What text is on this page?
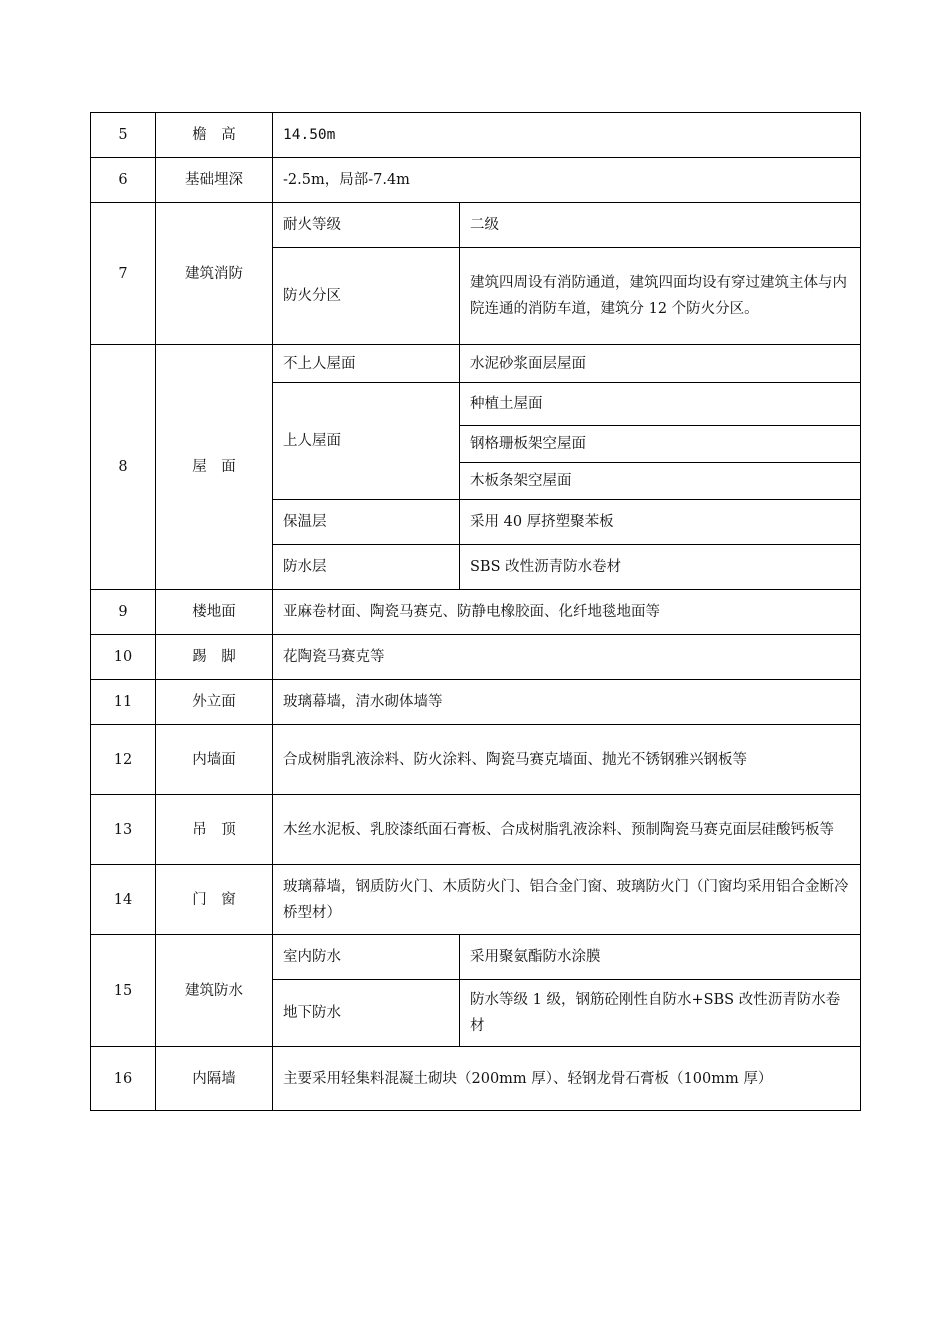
5	檐　高	14.50m	
6	基础埋深	-2.5m，局部-7.4m	
7	建筑消防	耐火等级	二级
		防火分区	建筑四周设有消防通道，建筑四面均设有穿过建筑主体与内院连通的消防车道，建筑分 12 个防火分区。
8	屋　面	不上人屋面	水泥砂浆面层屋面
		上人屋面	种植土屋面
			钢格珊板架空屋面
			木板条架空屋面
		保温层	采用 40 厚挤塑聚苯板
		防水层	SBS 改性沥青防水卷材
9	楼地面	亚麻卷材面、陶瓷马赛克、防静电橡胶面、化纤地毯地面等	
10	踢　脚	花陶瓷马赛克等	
11	外立面	玻璃幕墙，清水砌体墙等	
12	内墙面	合成树脂乳液涂料、防火涂料、陶瓷马赛克墙面、抛光不锈钢雅兴钢板等	
13	吊　顶	木丝水泥板、乳胶漆纸面石膏板、合成树脂乳液涂料、预制陶瓷马赛克面层硅酸钙板等	
14	门　窗	玻璃幕墙，钢质防火门、木质防火门、铝合金门窗、玻璃防火门（门窗均采用铝合金断冷桥型材）	
15	建筑防水	室内防水	采用聚氨酯防水涂膜
		地下防水	防水等级 1 级，钢筋砼刚性自防水+SBS 改性沥青防水卷材
16	内隔墙	主要采用轻集料混凝土砌块（200mm 厚）、轻钢龙骨石膏板（100mm 厚）	
